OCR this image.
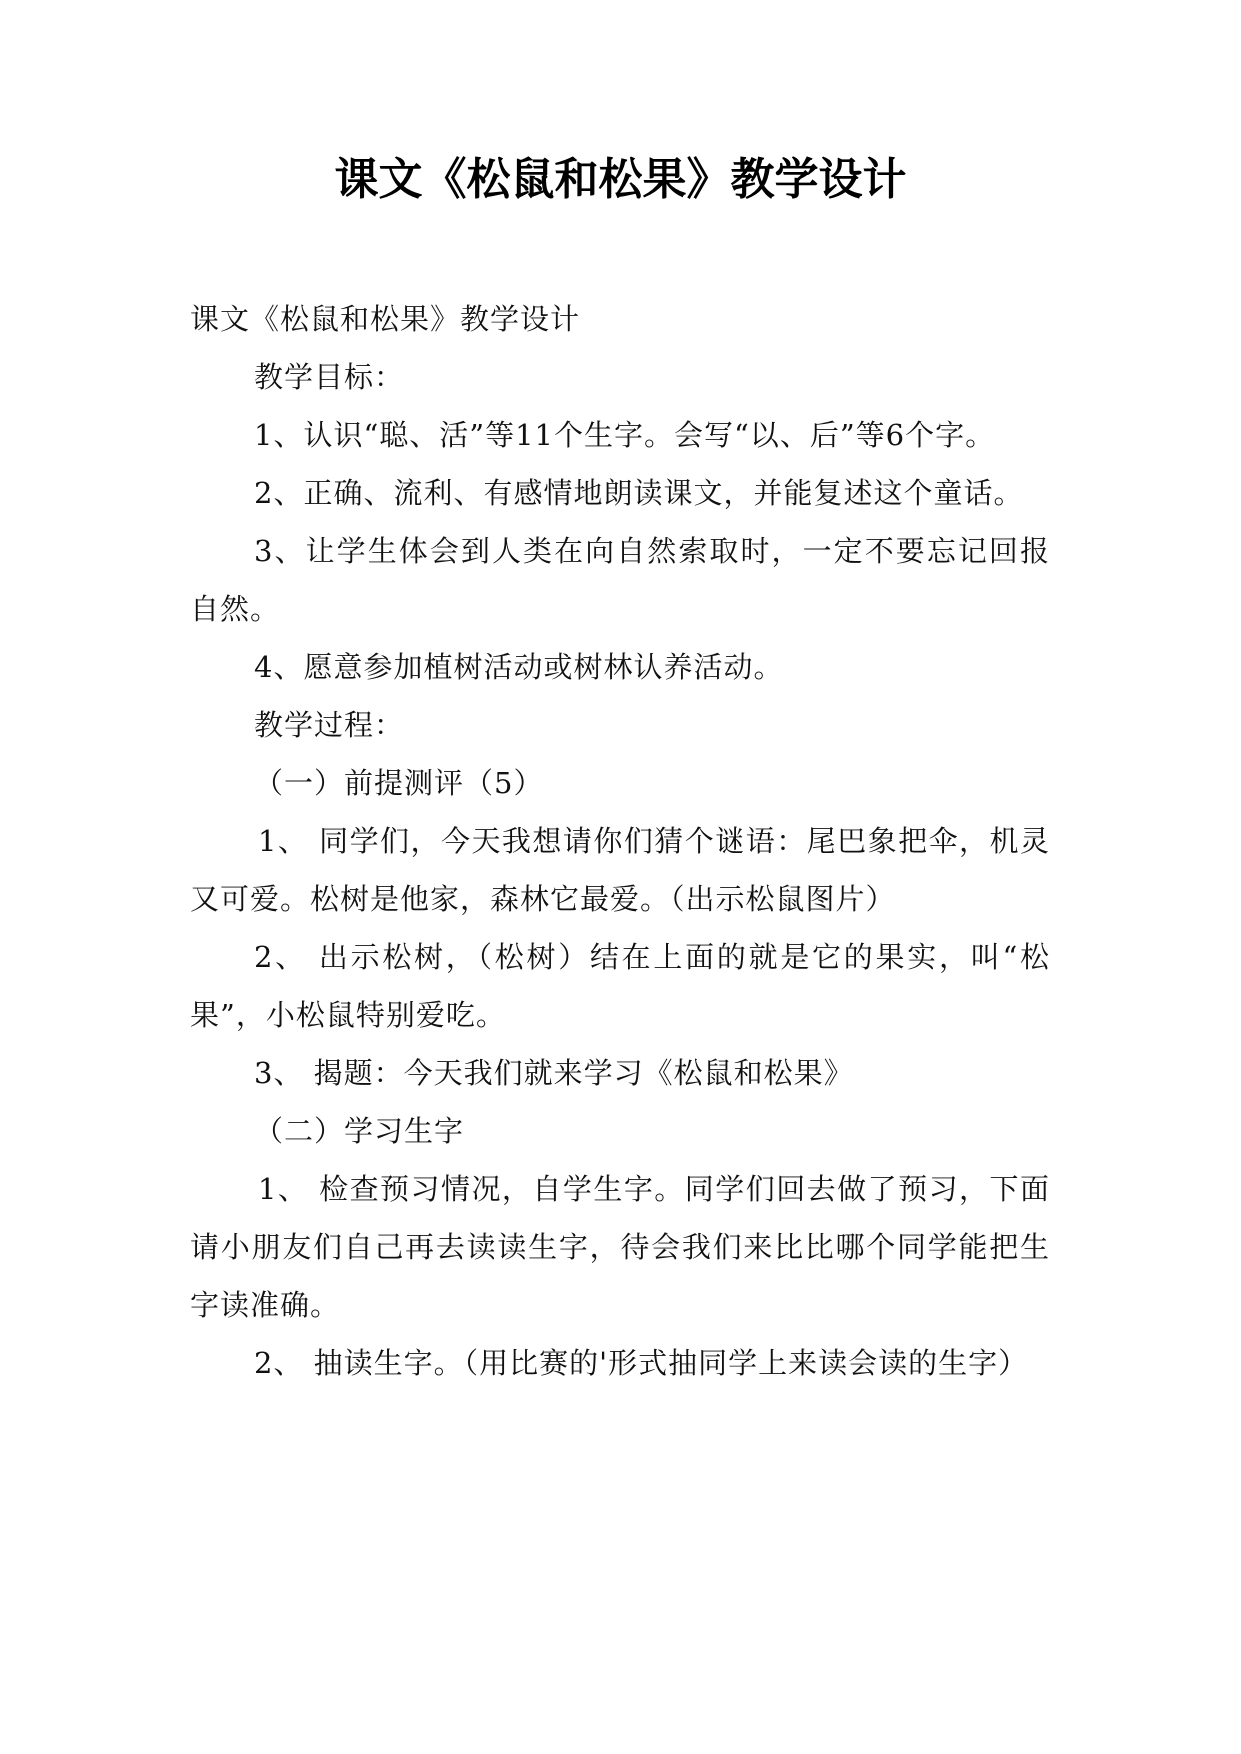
课文《松鼠和松果》教学设计

课文《松鼠和松果》教学设计

教学目标：

1、认识“聪、活”等11个生字。会写“以、后”等6个字。

2、正确、流利、有感情地朗读课文，并能复述这个童话。

3、让学生体会到人类在向自然索取时，一定不要忘记回报自然。

4、愿意参加植树活动或树林认养活动。

教学过程：

（一）前提测评（5）

1、 同学们，今天我想请你们猜个谜语：尾巴象把伞，机灵又可爱。松树是他家，森林它最爱。（出示松鼠图片）

2、 出示松树，（松树）结在上面的就是它的果实，叫“松果”，小松鼠特别爱吃。

3、 揭题：今天我们就来学习《松鼠和松果》

（二）学习生字

1、 检查预习情况，自学生字。同学们回去做了预习，下面请小朋友们自己再去读读生字，待会我们来比比哪个同学能把生字读准确。

2、 抽读生字。（用比赛的'形式抽同学上来读会读的生字）
